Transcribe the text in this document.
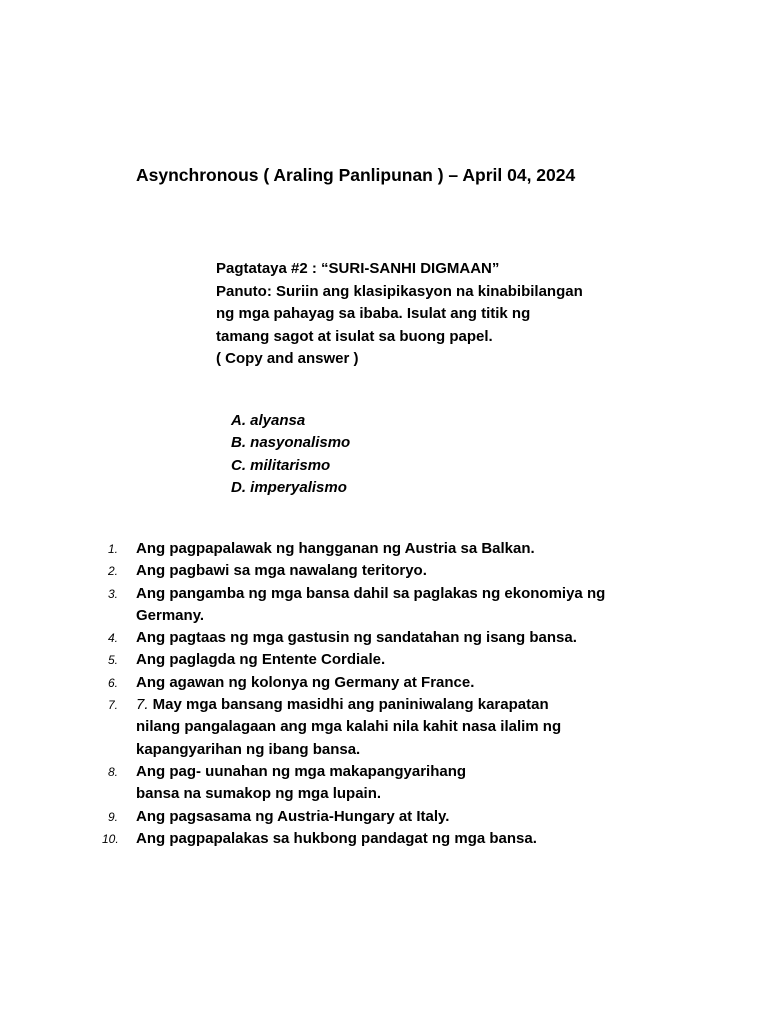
Asynchronous ( Araling Panlipunan ) – April 04, 2024
Pagtataya #2 : “SURI-SANHI DIGMAAN”
Panuto: Suriin ang klasipikasyon na kinabibilangan
ng mga pahayag sa ibaba. Isulat ang titik ng
tamang sagot at isulat sa buong papel.
( Copy and answer )
A. alyansa
B. nasyonalismo
C. militarismo
D. imperyalismo
1.	Ang pagpapalawak ng hangganan ng Austria sa Balkan.
2.	Ang pagbawi sa mga nawalang teritoryo.
3.	Ang pangamba ng mga bansa dahil sa paglakas ng ekonomiya ng
Germany.
4.	Ang pagtaas ng mga gastusin ng sandatahan ng isang bansa.
5.	Ang paglagda ng Entente Cordiale.
6.	Ang agawan ng kolonya ng Germany at France.
7.	7. May mga bansang masidhi ang paniniwalang karapatan
nilang pangalagaan ang mga kalahi nila kahit nasa ilalim ng
kapangyarihan ng ibang bansa.
8.	Ang pag- uunahan ng mga makapangyarihang
bansa na sumakop ng mga lupain.
9.	Ang pagsasama ng Austria-Hungary at Italy.
10.	Ang pagpapalakas sa hukbong pandagat ng mga bansa.
